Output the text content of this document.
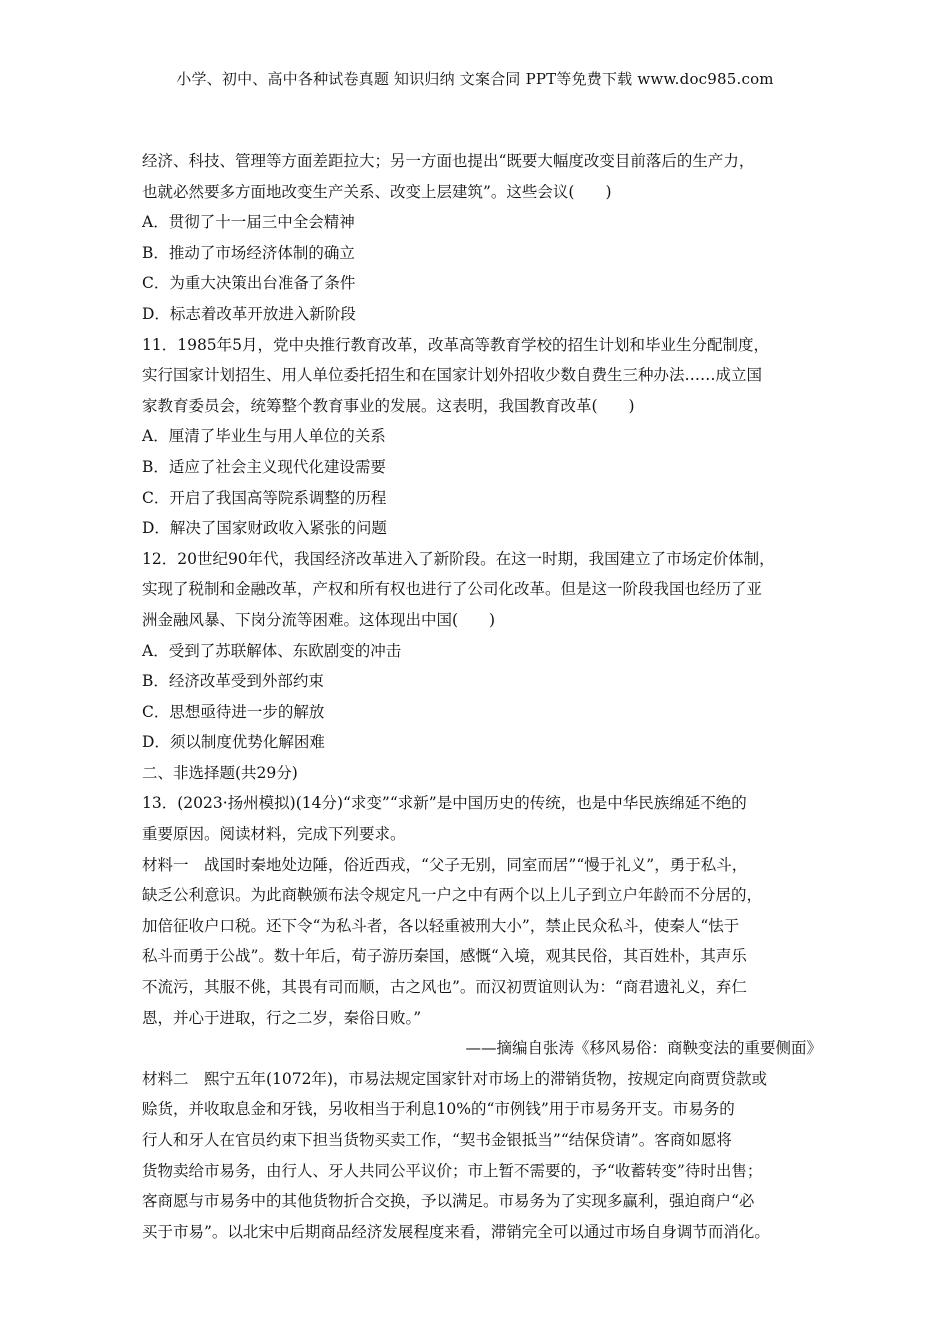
小学、初中、高中各种试卷真题 知识归纳 文案合同 PPT等免费下载 www.doc985.com
经济、科技、管理等方面差距拉大；另一方面也提出“既要大幅度改变目前落后的生产力，
也就必然要多方面地改变生产关系、改变上层建筑”。这些会议(　　)
A．贯彻了十一届三中全会精神
B．推动了市场经济体制的确立
C．为重大决策出台准备了条件
D．标志着改革开放进入新阶段
11．1985年5月，党中央推行教育改革，改革高等教育学校的招生计划和毕业生分配制度，
实行国家计划招生、用人单位委托招生和在国家计划外招收少数自费生三种办法……成立国
家教育委员会，统筹整个教育事业的发展。这表明，我国教育改革(　　)
A．厘清了毕业生与用人单位的关系
B．适应了社会主义现代化建设需要
C．开启了我国高等院系调整的历程
D．解决了国家财政收入紧张的问题
12．20世纪90年代，我国经济改革进入了新阶段。在这一时期，我国建立了市场定价体制，
实现了税制和金融改革，产权和所有权也进行了公司化改革。但是这一阶段我国也经历了亚
洲金融风暴、下岗分流等困难。这体现出中国(　　)
A．受到了苏联解体、东欧剧变的冲击
B．经济改革受到外部约束
C．思想亟待进一步的解放
D．须以制度优势化解困难
二、非选择题(共29分)
13．(2023·扬州模拟)(14分)“求变”“求新”是中国历史的传统，也是中华民族绵延不绝的
重要原因。阅读材料，完成下列要求。
材料一　战国时秦地处边陲，俗近西戎，“父子无别，同室而居”“慢于礼义”，勇于私斗，
缺乏公利意识。为此商鞅颁布法令规定凡一户之中有两个以上儿子到立户年龄而不分居的，
加倍征收户口税。还下令“为私斗者，各以轻重被刑大小”，禁止民众私斗，使秦人“怯于
私斗而勇于公战”。数十年后，荀子游历秦国，感慨“入境，观其民俗，其百姓朴，其声乐
不流污，其服不佻，其畏有司而顺，古之风也”。而汉初贾谊则认为：“商君遗礼义，弃仁
恩，并心于进取，行之二岁，秦俗日败。”
——摘编自张涛《移风易俗：商鞅变法的重要侧面》
材料二　熙宁五年(1072年)，市易法规定国家针对市场上的滞销货物，按规定向商贾贷款或
赊货，并收取息金和牙钱，另收相当于利息10%的“市例钱”用于市易务开支。市易务的
行人和牙人在官员约束下担当货物买卖工作，“契书金银抵当”“结保贷请”。客商如愿将
货物卖给市易务，由行人、牙人共同公平议价；市上暂不需要的，予“收蓄转变”待时出售；
客商愿与市易务中的其他货物折合交换，予以满足。市易务为了实现多赢利，强迫商户“必
买于市易”。以北宋中后期商品经济发展程度来看，滞销完全可以通过市场自身调节而消化。
